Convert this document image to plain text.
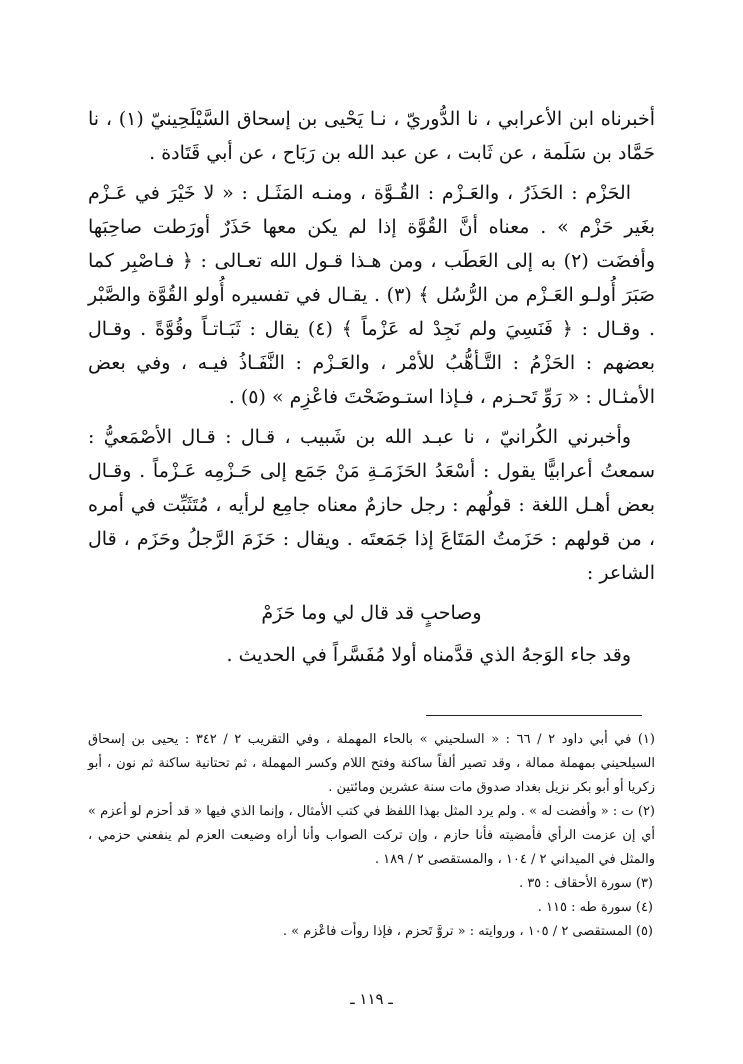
أخبرناه ابن الأعرابي ، نا الدُّوريّ ، نـا يَحْيى بن إسحاق السَّيْلَحِينيّ (١) ، نا حَمَّاد بن سَلَمة ، عن ثَابت ، عن عبد الله بن رَبَاح ، عن أبي قَتَادة .

الحَزْم : الحَذَرُ ، والعَـزْم : القُـوَّة ، ومنـه المَثَـل : « لا خَيْرَ في عَـزْم بغَير حَزْم » . معناه أنَّ القُوَّة إذا لم يكن معها حَذَرٌ أورَطت صاحِبَها وأفضَت (٢) به إلى العَطَب ، ومن هـذا قـول الله تعـالى : ﴿ فـاصْبِر كما صَبَرَ أُولـو العَـزْم من الرُّسُل ﴾ (٣) . يقـال في تفسيره أُولو القُوَّة والصَّبْر . وقـال : ﴿ فَنَسِيَ ولم نَجِدْ له عَزْماً ﴾ (٤) يقال : ثَبَـاتـاً وقُوَّةً . وقـال بعضهم : الحَزْمُ : التَّـأهُّبُ للأمْر ، والعَـزْم : النَّفَـاذُ فيـه ، وفي بعض الأمثـال : « رَوِّ تَحـزم ، فـإذا استـوضَحْتَ فاعْزِم » (٥) .

وأخبرني الكُرانيّ ، نا عبـد الله بن شَبيب ، قـال : قـال الأصْمَعيُّ : سمعتُ أعرابيًّا يقول : أسْعَدُ الحَزَمَـةِ مَنْ جَمَع إلى حَـزْمِه عَـزْماً . وقـال بعض أهـل اللغة : قولُهم : رجل حازمٌ معناه جامِع لرأيه ، مُتَثَبِّت في أمره ، من قولهم : حَزَمتُ المَتَاعَ إذا جَمَعتَه . ويقال : حَزَمَ الرَّجلُ وحَزَم ، قال الشاعر :

وصاحبٍ قد قال لي وما حَزَمْ

وقد جاء الوَجهُ الذي قدَّمناه أولا مُفَسَّراً في الحديث .

(١) في أبي داود ٢ / ٦٦ : « السلحيني » بالحاء المهملة ، وفي التقريب ٢ / ٣٤٢ : يحيى بن إسحاق السيلحيني بمهملة ممالة ، وقد تصير ألفاً ساكنة وفتح اللام وكسر المهملة ، ثم تحتانية ساكنة ثم نون ، أبو زكريا أو أبو بكر نزيل بغداد صدوق مات سنة عشرين ومائتين .

(٢) ت : « وأفضت له » . ولم يرد المثل بهذا اللفظ في كتب الأمثال ، وإنما الذي فيها « قد أحزم لو أعزم » أي إن عزمت الرأي فأمضيته فأنا حازم ، وإن تركت الصواب وأنا أراه وضيعت العزم لم ينفعني حزمي ، والمثل في الميداني ٢ / ١٠٤ ، والمستقصى ٢ / ١٨٩ .

(٣) سورة الأحقاف : ٣٥ .

(٤) سورة طه : ١١٥ .

(٥) المستقصى ٢ / ١٠٥ ، وروايته : « تروَّ تَحزم ، فإذا روأت فاعْزم » .

ـ ١١٩ ـ
